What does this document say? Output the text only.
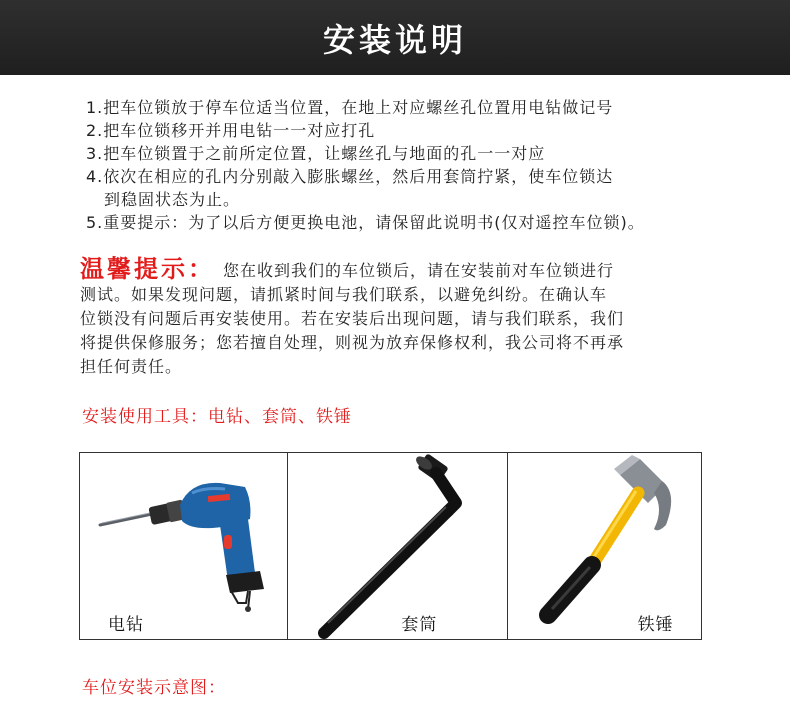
安装说明
1.把车位锁放于停车位适当位置，在地上对应螺丝孔位置用电钻做记号
2.把车位锁移开并用电钻一一对应打孔
3.把车位锁置于之前所定位置，让螺丝孔与地面的孔一一对应
4.依次在相应的孔内分别敲入膨胀螺丝，然后用套筒拧紧，使车位锁达
到稳固状态为止。
5.重要提示：为了以后方便更换电池，请保留此说明书(仅对遥控车位锁)。
温馨提示： 您在收到我们的车位锁后，请在安装前对车位锁进行
测试。如果发现问题，请抓紧时间与我们联系，以避免纠纷。在确认车
位锁没有问题后再安装使用。若在安装后出现问题，请与我们联系，我们
将提供保修服务；您若擅自处理，则视为放弃保修权利，我公司将不再承
担任何责任。
安装使用工具：电钻、套筒、铁锤
电钻	套筒	铁锤
车位安装示意图：
